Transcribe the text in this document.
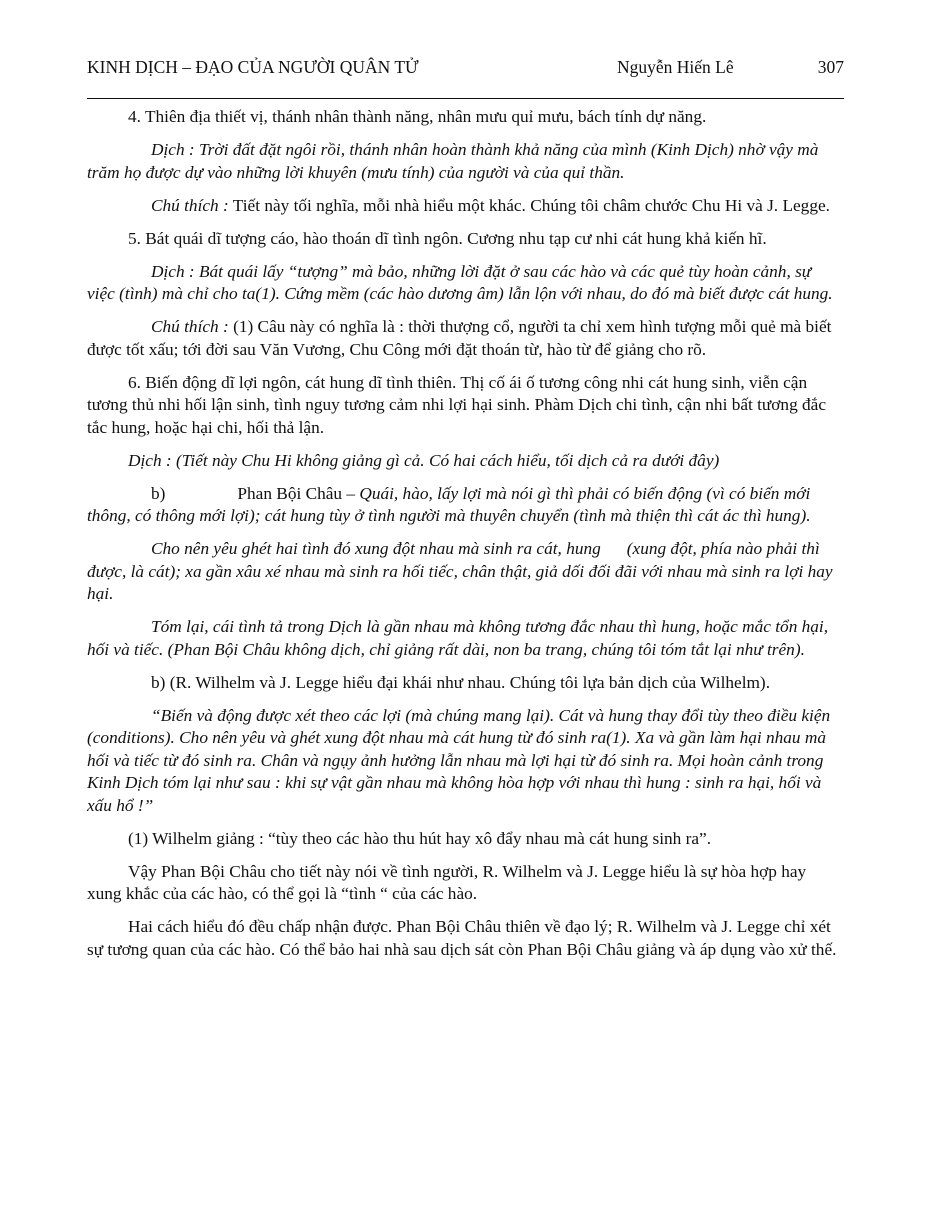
KINH DỊCH – ĐẠO CỦA NGƯỜI QUÂN TỬ	Nguyễn Hiến Lê	307

4. Thiên địa thiết vị, thánh nhân thành năng, nhân mưu quỉ mưu, bách tính dự năng.

Dịch : Trời đất đặt ngôi rồi, thánh nhân hoàn thành khả năng của mình (Kinh Dịch) nhờ vậy mà trăm họ được dự vào những lời khuyên (mưu tính) của người và của quỉ thần.

Chú thích : Tiết này tối nghĩa, mỗi nhà hiểu một khác. Chúng tôi châm chước Chu Hi và J. Legge.

5. Bát quái dĩ tượng cáo, hào thoán dĩ tình ngôn. Cương nhu tạp cư nhi cát hung khả kiến hĩ.

Dịch : Bát quái lấy “tượng” mà bảo, những lời đặt ở sau các hào và các quẻ tùy hoàn cảnh, sự việc (tình) mà chỉ cho ta(1). Cứng mềm (các hào dương âm) lẫn lộn với nhau, do đó mà biết được cát hung.

Chú thích : (1) Câu này có nghĩa là : thời thượng cổ, người ta chỉ xem hình tượng mỗi quẻ mà biết được tốt xấu; tới đời sau Văn Vương, Chu Công mới đặt thoán từ, hào từ để giảng cho rõ.

6. Biến động dĩ lợi ngôn, cát hung dĩ tình thiên. Thị cố ái ố tương công nhi cát hung sinh, viễn cận tương thủ nhi hối lận sinh, tình nguy tương cảm nhi lợi hại sinh. Phàm Dịch chi tình, cận nhi bất tương đắc tắc hung, hoặc hại chi, hối thả lận.

Dịch : (Tiết này Chu Hi không giảng gì cả. Có hai cách hiểu, tối dịch cả ra dưới đây)

b)	Phan Bội Châu – Quái, hào, lấy lợi mà nói gì thì phải có biến động (vì có biến mới thông, có thông mới lợi); cát hung tùy ở tình người mà thuyên chuyển (tình mà thiện thì cát ác thì hung).

Cho nên yêu ghét hai tình đó xung đột nhau mà sinh ra cát, hung (xung đột, phía nào phải thì được, là cát); xa gần xâu xé nhau mà sinh ra hối tiếc, chân thật, giả dối đối đãi với nhau mà sinh ra lợi hay hại.

Tóm lại, cái tình tả trong Dịch là gần nhau mà không tương đắc nhau thì hung, hoặc mắc tổn hại, hối và tiếc. (Phan Bội Châu không dịch, chỉ giảng rất dài, non ba trang, chúng tôi tóm tắt lại như trên).

b) (R. Wilhelm và J. Legge hiểu đại khái như nhau. Chúng tôi lựa bản dịch của Wilhelm).

“Biến và động được xét theo các lợi (mà chúng mang lại). Cát và hung thay đổi tùy theo điều kiện (conditions). Cho nên yêu và ghét xung đột nhau mà cát hung từ đó sinh ra(1). Xa và gần làm hại nhau mà hối và tiếc từ đó sinh ra. Chân và ngụy ảnh hưởng lẫn nhau mà lợi hại từ đó sinh ra. Mọi hoàn cảnh trong Kinh Dịch tóm lại như sau : khi sự vật gần nhau mà không hòa hợp với nhau thì hung : sinh ra hại, hối và xấu hổ !”

(1) Wilhelm giảng : “tùy theo các hào thu hút hay xô đẩy nhau mà cát hung sinh ra”.

Vậy Phan Bội Châu cho tiết này nói về tình người, R. Wilhelm và J. Legge hiểu là sự hòa hợp hay xung khắc của các hào, có thể gọi là “tình “ của các hào.

Hai cách hiểu đó đều chấp nhận được. Phan Bội Châu thiên về đạo lý; R. Wilhelm và J. Legge chỉ xét sự tương quan của các hào. Có thể bảo hai nhà sau dịch sát còn Phan Bội Châu giảng và áp dụng vào xử thế.
